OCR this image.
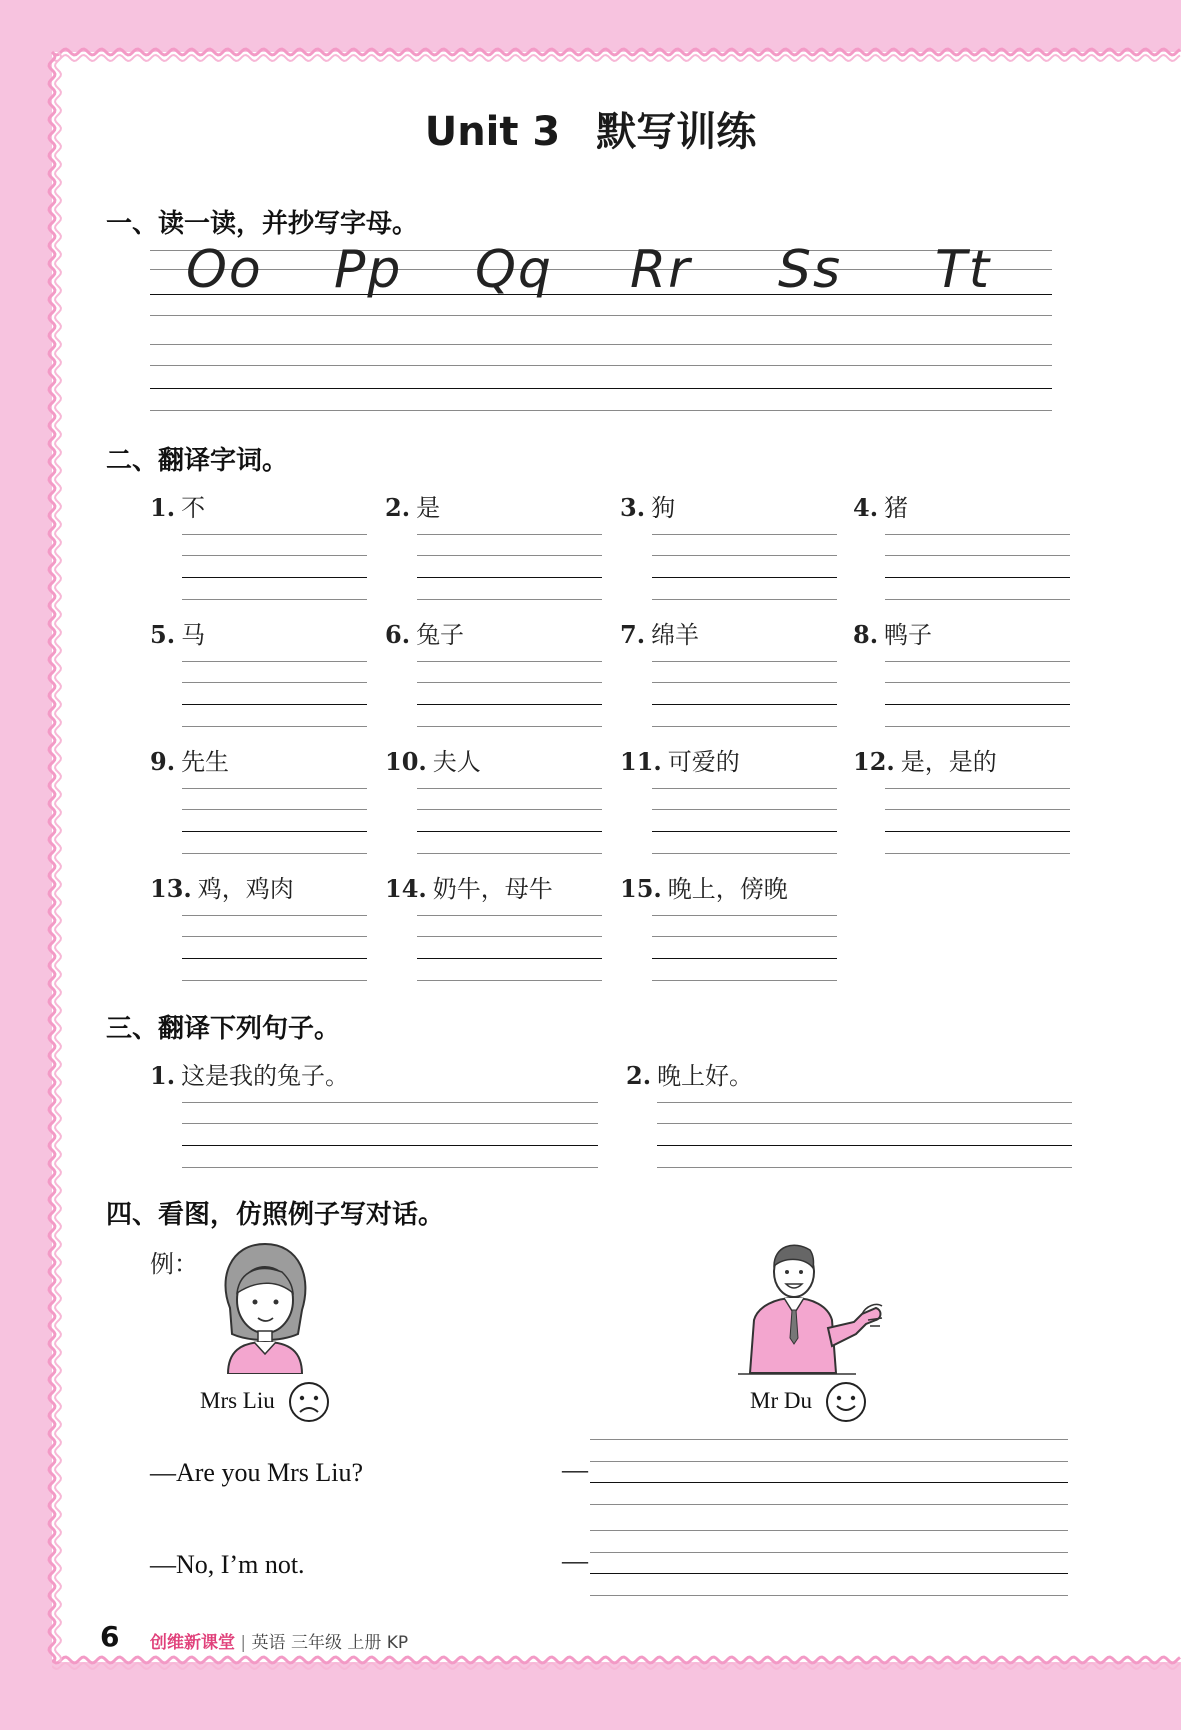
Unit 3 默写训练
一、读一读，并抄写字母。
Oo Pp Qq Rr Ss Tt
二、翻译字词。
1. 不	2. 是	3. 狗	4. 猪
5. 马	6. 兔子	7. 绵羊	8. 鸭子
9. 先生	10. 夫人	11. 可爱的	12. 是，是的
13. 鸡，鸡肉	14. 奶牛，母牛	15. 晚上，傍晚
三、翻译下列句子。
1. 这是我的兔子。	2. 晚上好。
四、看图，仿照例子写对话。
例：
Mrs Liu	Mr Du
—Are you Mrs Liu?
—No, I’m not.
—
—
6 创维新课堂 | 英语 三年级 上册 KP
